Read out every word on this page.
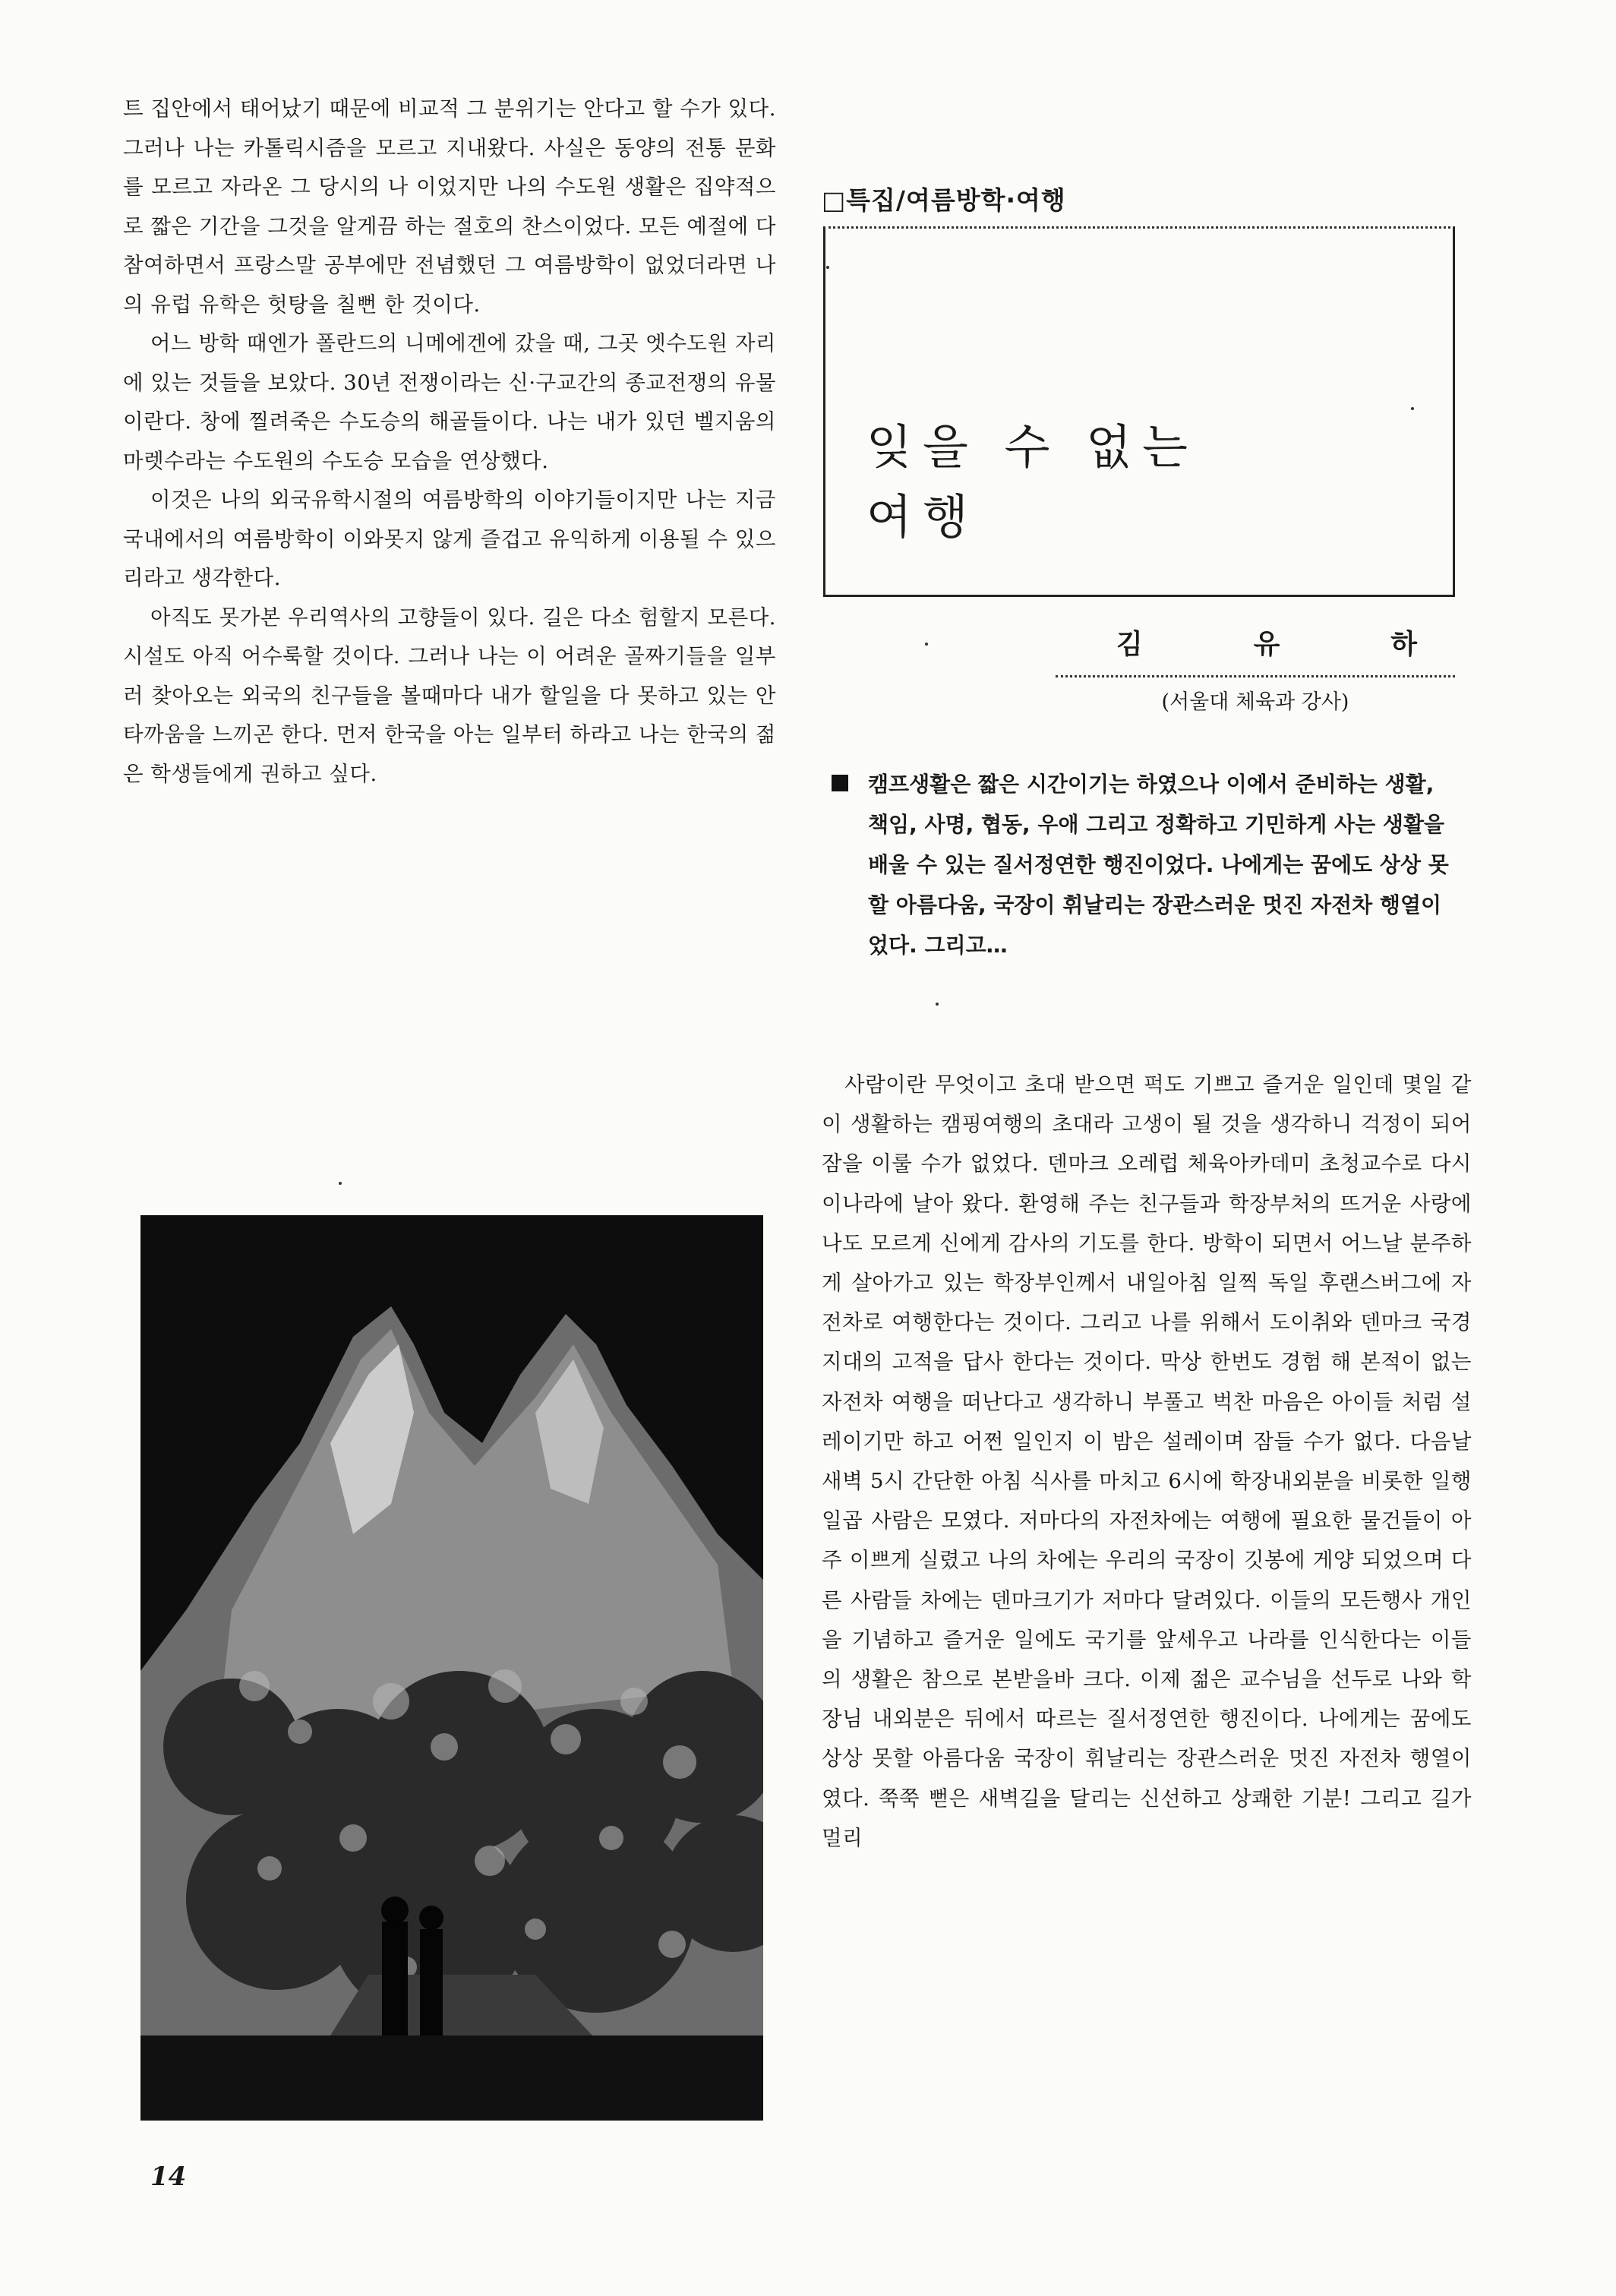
트 집안에서 태어났기 때문에 비교적 그 분위기는 안다고 할 수가 있다. 그러나 나는 카톨릭시즘을 모르고 지내왔다. 사실은 동양의 전통 문화를 모르고 자라온 그 당시의 나 이었지만 나의 수도원 생활은 집약적으로 짧은 기간을 그것을 알게끔 하는 절호의 찬스이었다. 모든 예절에 다 참여하면서 프랑스말 공부에만 전념했던 그 여름방학이 없었더라면 나의 유럽 유학은 헛탕을 칠뻔 한 것이다.

어느 방학 때엔가 폴란드의 니메에겐에 갔을 때, 그곳 엣수도원 자리에 있는 것들을 보았다. 30년 전쟁이라는 신·구교간의 종교전쟁의 유물이란다. 창에 찔려죽은 수도승의 해골들이다. 나는 내가 있던 벨지움의 마렛수라는 수도원의 수도승 모습을 연상했다.

이것은 나의 외국유학시절의 여름방학의 이야기들이지만 나는 지금 국내에서의 여름방학이 이와못지 않게 즐겁고 유익하게 이용될 수 있으리라고 생각한다.

아직도 못가본 우리역사의 고향들이 있다. 길은 다소 험할지 모른다. 시설도 아직 어수룩할 것이다. 그러나 나는 이 어려운 골짜기들을 일부러 찾아오는 외국의 친구들을 볼때마다 내가 할일을 다 못하고 있는 안타까움을 느끼곤 한다. 먼저 한국을 아는 일부터 하라고 나는 한국의 젊은 학생들에게 권하고 싶다.

□특집/여름방학·여행
잊을 수 없는
여행
김	유	하
(서울대 체육과 강사)
캠프생활은 짧은 시간이기는 하였으나 이에서 준비하는 생활, 책임, 사명, 협동, 우애 그리고 정확하고 기민하게 사는 생활을 배울 수 있는 질서정연한 행진이었다. 나에게는 꿈에도 상상 못할 아름다움, 국장이 휘날리는 장관스러운 멋진 자전차 행열이었다. 그리고…

사람이란 무엇이고 초대 받으면 퍽도 기쁘고 즐거운 일인데 몇일 같이 생활하는 캠핑여행의 초대라 고생이 될 것을 생각하니 걱정이 되어 잠을 이룰 수가 없었다. 덴마크 오레럽 체육아카데미 초청교수로 다시 이나라에 날아 왔다. 환영해 주는 친구들과 학장부처의 뜨거운 사랑에 나도 모르게 신에게 감사의 기도를 한다. 방학이 되면서 어느날 분주하게 살아가고 있는 학장부인께서 내일아침 일찍 독일 후랜스버그에 자전차로 여행한다는 것이다. 그리고 나를 위해서 도이취와 덴마크 국경지대의 고적을 답사 한다는 것이다. 막상 한번도 경험 해 본적이 없는 자전차 여행을 떠난다고 생각하니 부풀고 벅찬 마음은 아이들 처럼 설레이기만 하고 어쩐 일인지 이 밤은 설레이며 잠들 수가 없다. 다음날 새벽 5시 간단한 아침 식사를 마치고 6시에 학장내외분을 비롯한 일행 일곱 사람은 모였다. 저마다의 자전차에는 여행에 필요한 물건들이 아주 이쁘게 실렸고 나의 차에는 우리의 국장이 깃봉에 게양 되었으며 다른 사람들 차에는 덴마크기가 저마다 달려있다. 이들의 모든행사 개인을 기념하고 즐거운 일에도 국기를 앞세우고 나라를 인식한다는 이들의 생활은 참으로 본받을바 크다. 이제 젊은 교수님을 선두로 나와 학장님 내외분은 뒤에서 따르는 질서정연한 행진이다. 나에게는 꿈에도 상상 못할 아름다움 국장이 휘날리는 장관스러운 멋진 자전차 행열이였다. 쭉쭉 뻗은 새벽길을 달리는 신선하고 상쾌한 기분! 그리고 길가 멀리

14
